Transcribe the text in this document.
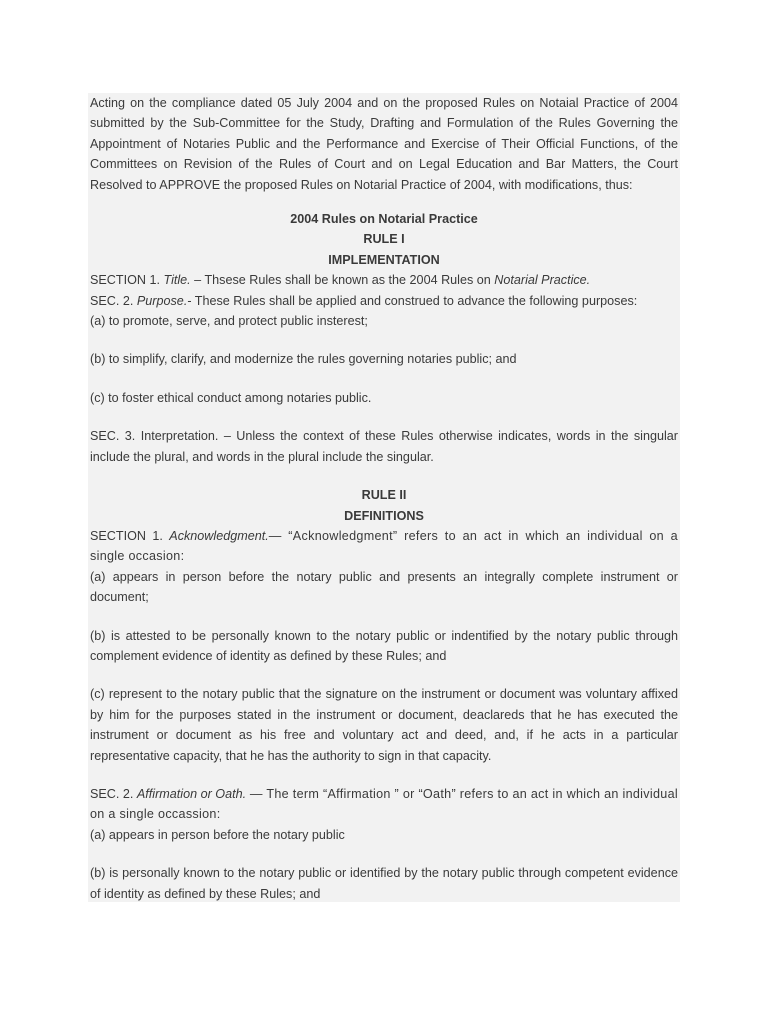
Acting on the compliance dated 05 July 2004 and on the proposed Rules on Notaial Practice of 2004 submitted by the Sub-Committee for the Study, Drafting and Formulation of the Rules Governing the Appointment of Notaries Public and the Performance and Exercise of Their Official Functions, of the Committees on Revision of the Rules of Court and on Legal Education and Bar Matters, the Court Resolved to APPROVE the proposed Rules on Notarial Practice of 2004, with modifications, thus:

2004 Rules on Notarial Practice

RULE I

IMPLEMENTATION

SECTION 1. Title. – Thsese Rules shall be known as the 2004 Rules on Notarial Practice.

SEC. 2. Purpose.- These Rules shall be applied and construed to advance the following purposes:

(a) to promote, serve, and protect public insterest;

(b) to simplify, clarify, and modernize the rules governing notaries public; and

(c) to foster ethical conduct among notaries public.

SEC. 3. Interpretation. – Unless the context of these Rules otherwise indicates, words in the singular include the plural, and words in the plural include the singular.

RULE II

DEFINITIONS

SECTION 1. Acknowledgment.— “Acknowledgment” refers to an act in which an individual on a single occasion:

(a) appears in person before the notary public and presents an integrally complete instrument or document;

(b) is attested to be personally known to the notary public or indentified by the notary public through complement evidence of identity as defined by these Rules; and

(c) represent to the notary public that the signature on the instrument or document was voluntary affixed by him for the purposes stated in the instrument or document, deaclareds that he has executed the instrument or document as his free and voluntary act and deed, and, if he acts in a particular representative capacity, that he has the authority to sign in that capacity.

SEC. 2. Affirmation or Oath. — The term “Affirmation ” or “Oath” refers to an act in which an individual on a single occassion:

(a) appears in person before the notary public

(b) is personally known to the notary public or identified by the notary public through competent evidence of identity as defined by these Rules; and
